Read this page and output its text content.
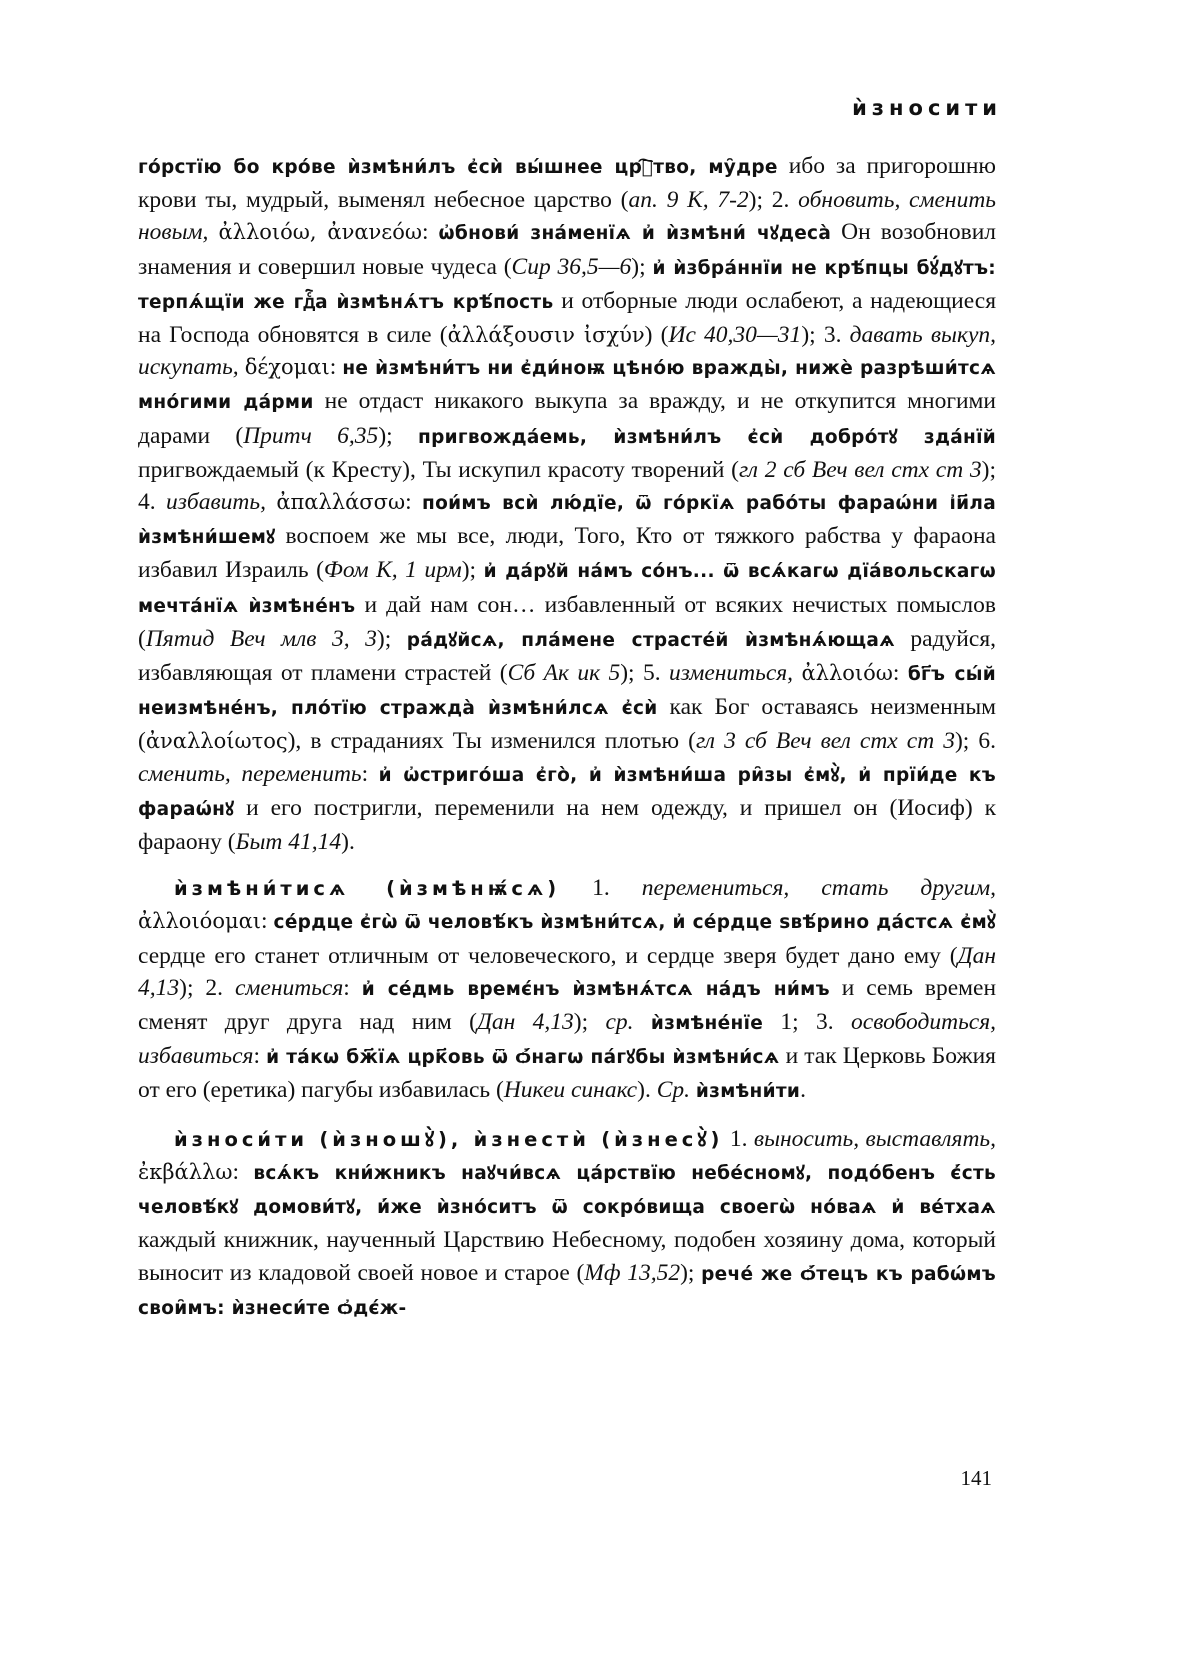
ѝзносити

го́рстїю бо кро́ве ѝзмѣни́лъ є҆сѝ вы́шнее црⷭ҇тво, му̑дре ибо за пригорошню крови ты, мудрый, выменял небесное царство (ап. 9 К, 7-2); 2. обновить, сменить новым, ἀλλοιόω, ἀνανεόω: ѡ҆бнови́ зна́менїѧ и҆ ѝзмѣни́ чꙋдеса̀ Он возобновил знамения и совершил новые чудеса (Сир 36,5—6); и҆ ѝзбра́ннїи не крѣ́пцы бꙋ́дꙋтъ: терпѧ́щїи же гдⷭ҇а ѝзмѣнѧ́тъ крѣ́пость и отборные люди ослабеют, а надеющиеся на Господа обновятся в силе (ἀλλάξουσιν ἰσχύν) (Ис 40,30—31); 3. давать выкуп, искупать, δέχομαι: не ѝзмѣни́тъ ни є҆ди́ноѭ цѣно́ю вражды̀, нижѐ разрѣши́тсѧ мно́гими да́рми не отдаст никакого выкупа за вражду, и не откупится многими дарами (Притч 6,35); пригвожда́емь, ѝзмѣни́лъ є҆сѝ добро́тꙋ зда́нїй пригвождаемый (к Кресту), Ты искупил красоту творений (гл 2 сб Веч вел стх ст 3); 4. избавить, ἀπαλλάσσω: пои́мъ всѝ лю́дїе, ѿ го́ркїѧ рабо́ты фараѡ́ни і҆и҃ла ѝзмѣни́шемꙋ воспоем же мы все, люди, Того, Кто от тяжкого рабства у фараона избавил Израиль (Фом К, 1 ирм); и҆ да́рꙋй на́мъ со́нъ... ѿ всѧ́кагѡ дїа́вольскагѡ мечта́нїѧ ѝзмѣне́нъ и дай нам сон… избавленный от всяких нечистых помыслов (Пятид Веч млв 3, 3); ра́дꙋйсѧ, пла́мене страсте́й ѝзмѣнѧ́ющаѧ радуйся, избавляющая от пламени страстей (Сб Ак ик 5); 5. измениться, ἀλλοιόω: бг҃ъ сы́й неизмѣне́нъ, пло́тїю стражда̀ ѝзмѣни́лсѧ є҆сѝ как Бог оставаясь неизменным (ἀναλλοίωτος), в страданиях Ты изменился плотью (гл 3 сб Веч вел стх ст 3); 6. сменить, переменить: и҆ ѡ҆стриго́ша є҆го̀, и҆ ѝзмѣни́ша ри̑зы є҆мꙋ̀, и҆ прїи́де къ фараѡ́нꙋ и его постригли, переменили на нем одежду, и пришел он (Иосиф) к фараону (Быт 41,14).

ѝзмѣни́тисѧ (ѝзмѣнѭ́сѧ) 1. перемениться, стать другим, ἀλλοιόομαι: се́рдце є҆гѡ̀ ѿ человѣ́къ ѝзмѣни́тсѧ, и҆ се́рдце ѕвѣ́рино да́стсѧ є҆мꙋ̀ сердце его станет отличным от человеческого, и сердце зверя будет дано ему (Дан 4,13); 2. смениться: и҆ се́дмь времє́нъ ѝзмѣнѧ́тсѧ на́дъ ни́мъ и семь времен сменят друг друга над ним (Дан 4,13); ср. ѝзмѣне́нїе 1; 3. освободиться, избавиться: и҆ та́кѡ бж҃їѧ црк҃овь ѿ ѻ҆́нагѡ па́гꙋбы ѝзмѣни́сѧ и так Церковь Божия от его (еретика) пагубы избавилась (Никеи синакс). Ср. ѝзмѣни́ти.

ѝзноси́ти (ѝзношꙋ̀), ѝзнестѝ (ѝзнесꙋ̀) 1. выносить, выставлять, ἐκβάλλω: всѧ́къ кни́жникъ наꙋчи́всѧ ца́рствїю небе́сномꙋ, подо́бенъ є҆́сть человѣ́кꙋ домови́тꙋ, и҆́же ѝзно́ситъ ѿ сокро́вища своегѡ̀ но́ваѧ и҆ ве́тхаѧ каждый книжник, наученный Царствию Небесному, подобен хозяину дома, который выносит из кладовой своей новое и старое (Мф 13,52); рече́ же ѻ҆́тецъ къ рабѡ́мъ свои̑мъ: ѝзнеси́те ѻ҆дє́ж-

141
